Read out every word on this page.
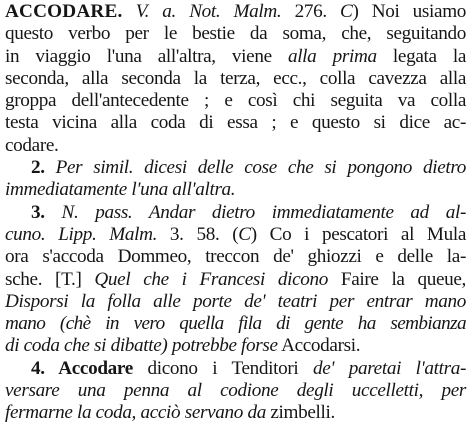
ACCODARE. V. a. Not. Malm. 276. C) Noi usiamo
questo verbo per le bestie da soma, che, seguitando
in viaggio l'una all'altra, viene alla prima legata la
seconda, alla seconda la terza, ecc., colla cavezza alla
groppa dell'antecedente ; e così chi seguita va colla
testa vicina alla coda di essa ; e questo si dice ac-
codare.
2. Per simil. dicesi delle cose che si pongono dietro
immediatamente l'una all'altra.
3. N. pass. Andar dietro immediatamente ad al-
cuno. Lipp. Malm. 3. 58. (C) Co i pescatori al Mula
ora s'accoda Dommeo, treccon de' ghiozzi e delle la-
sche. [T.] Quel che i Francesi dicono Faire la queue,
Disporsi la folla alle porte de' teatri per entrar mano
mano (chè in vero quella fila di gente ha sembianza
di coda che si dibatte) potrebbe forse Accodarsi.
4. Accodare dicono i Tenditori de' paretai l'attra-
versare una penna al codione degli uccelletti, per
fermarne la coda, acciò servano da zimbelli.
